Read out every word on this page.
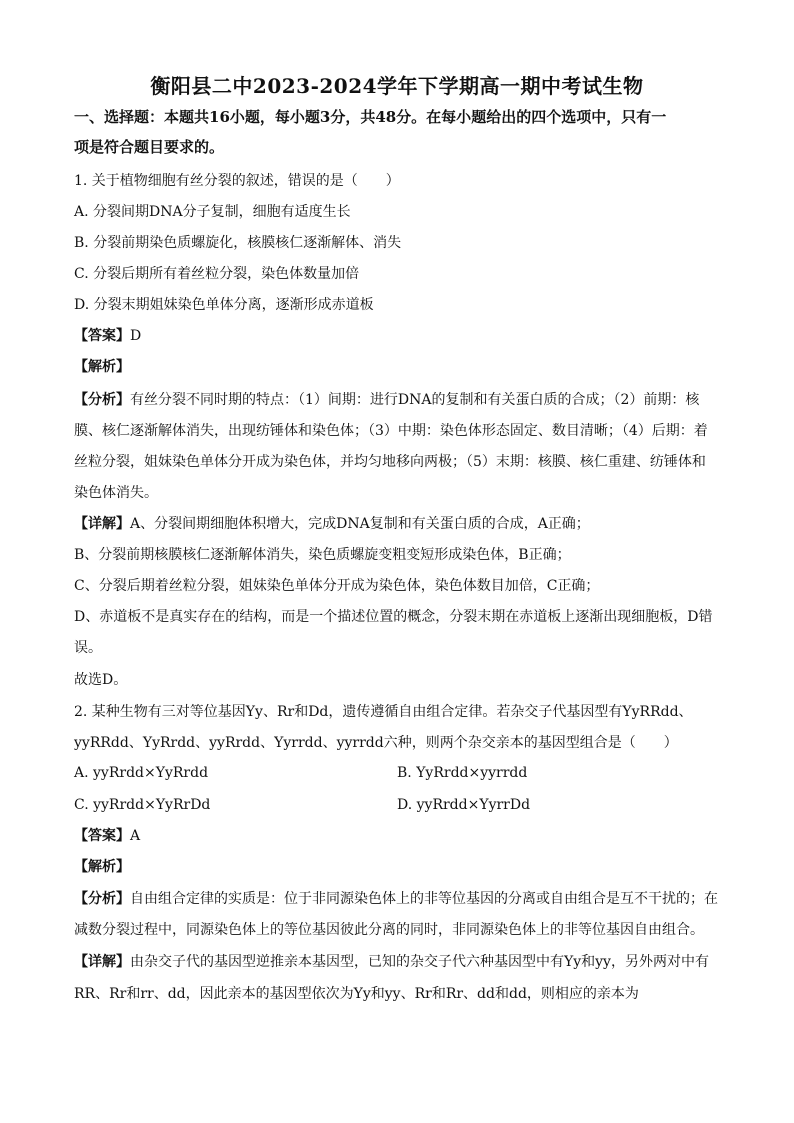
衡阳县二中2023-2024学年下学期高一期中考试生物
一、选择题：本题共16小题，每小题3分，共48分。在每小题给出的四个选项中，只有一
项是符合题目要求的。
1. 关于植物细胞有丝分裂的叙述，错误的是（　　）
A. 分裂间期DNA分子复制，细胞有适度生长
B. 分裂前期染色质螺旋化，核膜核仁逐渐解体、消失
C. 分裂后期所有着丝粒分裂，染色体数量加倍
D. 分裂末期姐妹染色单体分离，逐渐形成赤道板
【答案】D
【解析】
【分析】有丝分裂不同时期的特点：（1）间期：进行DNA的复制和有关蛋白质的合成；（2）前期：核
膜、核仁逐渐解体消失，出现纺锤体和染色体；（3）中期：染色体形态固定、数目清晰；（4）后期：着
丝粒分裂，姐妹染色单体分开成为染色体，并均匀地移向两极；（5）末期：核膜、核仁重建、纺锤体和
染色体消失。
【详解】A、分裂间期细胞体积增大，完成DNA复制和有关蛋白质的合成，A正确；
B、分裂前期核膜核仁逐渐解体消失，染色质螺旋变粗变短形成染色体，B正确；
C、分裂后期着丝粒分裂，姐妹染色单体分开成为染色体，染色体数目加倍，C正确；
D、赤道板不是真实存在的结构，而是一个描述位置的概念，分裂末期在赤道板上逐渐出现细胞板，D错
误。
故选D。
2. 某种生物有三对等位基因Yy、Rr和Dd，遗传遵循自由组合定律。若杂交子代基因型有YyRRdd、
yyRRdd、YyRrdd、yyRrdd、Yyrrdd、yyrrdd六种，则两个杂交亲本的基因型组合是（　　）
A. yyRrdd×YyRrdd	B. YyRrdd×yyrrdd
C. yyRrdd×YyRrDd	D. yyRrdd×YyrrDd
【答案】A
【解析】
【分析】自由组合定律的实质是：位于非同源染色体上的非等位基因的分离或自由组合是互不干扰的；在
减数分裂过程中，同源染色体上的等位基因彼此分离的同时，非同源染色体上的非等位基因自由组合。
【详解】由杂交子代的基因型逆推亲本基因型，已知的杂交子代六种基因型中有Yy和yy，另外两对中有
RR、Rr和rr、dd，因此亲本的基因型依次为Yy和yy、Rr和Rr、dd和dd，则相应的亲本为
